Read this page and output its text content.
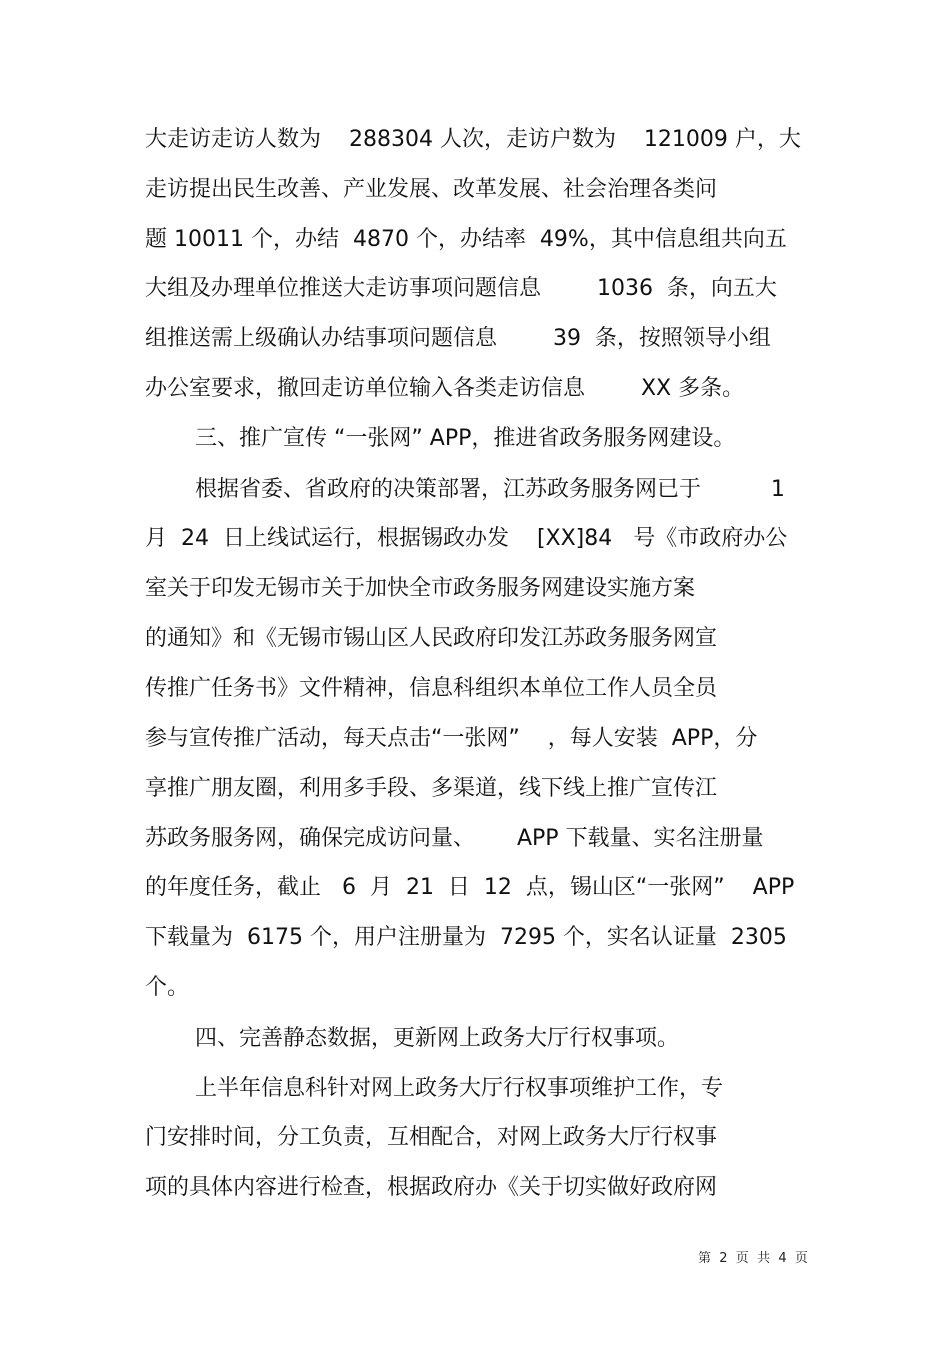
大走访走访人数为    288304 人次，走访户数为    121009 户，大
走访提出民生改善、产业发展、改革发展、社会治理各类问
题 10011 个，办结  4870 个，办结率  49%，其中信息组共向五
大组及办理单位推送大走访事项问题信息        1036  条，向五大
组推送需上级确认办结事项问题信息        39  条，按照领导小组
办公室要求，撤回走访单位输入各类走访信息        XX 多条。
三、推广宣传 “一张网” APP，推进省政务服务网建设。
根据省委、省政府的决策部署，江苏政务服务网已于          1
月  24  日上线试运行，根据锡政办发    [XX]84   号《市政府办公
室关于印发无锡市关于加快全市政务服务网建设实施方案
的通知》和《无锡市锡山区人民政府印发江苏政务服务网宣
传推广任务书》文件精神，信息科组织本单位工作人员全员
参与宣传推广活动，每天点击“一张网”    ，每人安装  APP，分
享推广朋友圈，利用多手段、多渠道，线下线上推广宣传江
苏政务服务网，确保完成访问量、      APP 下载量、实名注册量
的年度任务，截止   6  月  21  日  12  点，锡山区“一张网”    APP
下载量为  6175 个，用户注册量为  7295 个，实名认证量  2305
个。
四、完善静态数据，更新网上政务大厅行权事项。
上半年信息科针对网上政务大厅行权事项维护工作，专
门安排时间，分工负责，互相配合，对网上政务大厅行权事
项的具体内容进行检查，根据政府办《关于切实做好政府网
第  2  页  共  4  页
